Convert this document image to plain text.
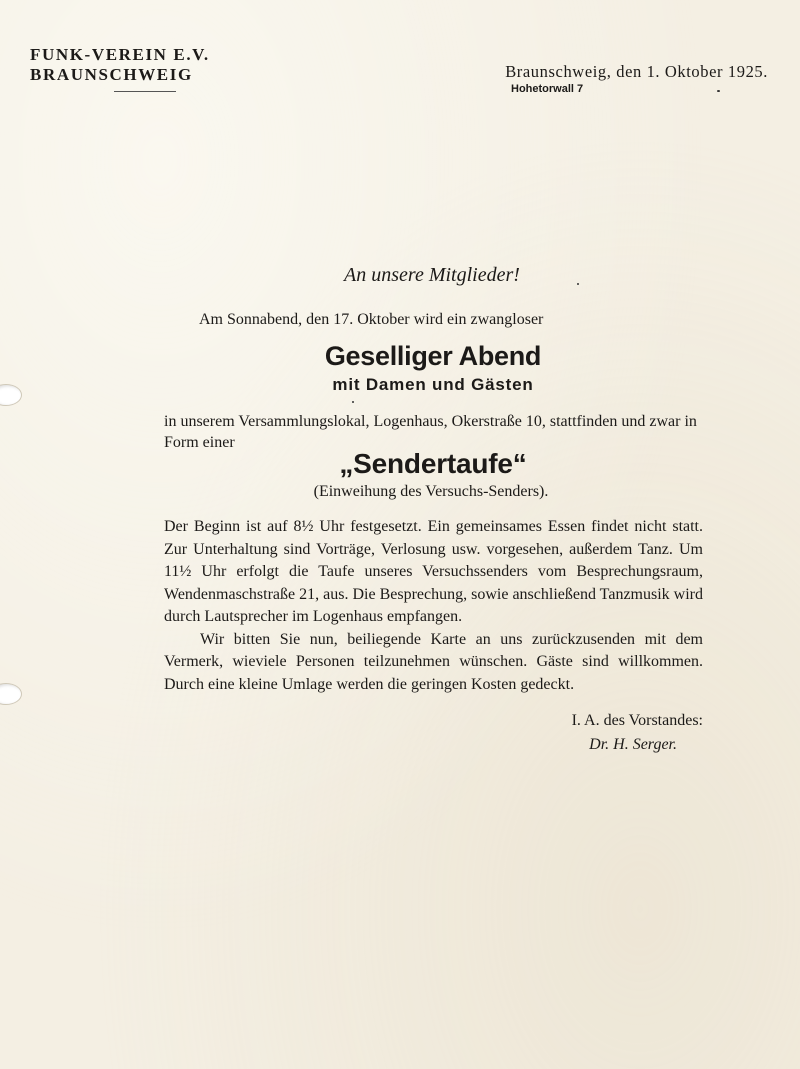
FUNK-VEREIN E.V.
BRAUNSCHWEIG	Braunschweig, den 1. Oktober 1925.
Hohetorwall 7
An unsere Mitglieder!
Am Sonnabend, den 17. Oktober wird ein zwangloser
Geselliger Abend
mit Damen und Gästen
in unserem Versammlungslokal, Logenhaus, Okerstraße 10, stattfinden und zwar in Form einer
„Sendertaufe“
(Einweihung des Versuchs-Senders).

Der Beginn ist auf 8½ Uhr festgesetzt. Ein gemeinsames Essen findet nicht statt. Zur Unterhaltung sind Vorträge, Verlosung usw. vorgesehen, außerdem Tanz. Um 11½ Uhr erfolgt die Taufe unseres Versuchssenders vom Besprechungsraum, Wendenmaschstraße 21, aus. Die Besprechung, sowie anschließend Tanzmusik wird durch Lautsprecher im Logenhaus empfangen.

Wir bitten Sie nun, beiliegende Karte an uns zurückzusenden mit dem Vermerk, wieviele Personen teilzunehmen wünschen. Gäste sind willkommen. Durch eine kleine Umlage werden die geringen Kosten gedeckt.

I. A. des Vorstandes:
Dr. H. Serger.
